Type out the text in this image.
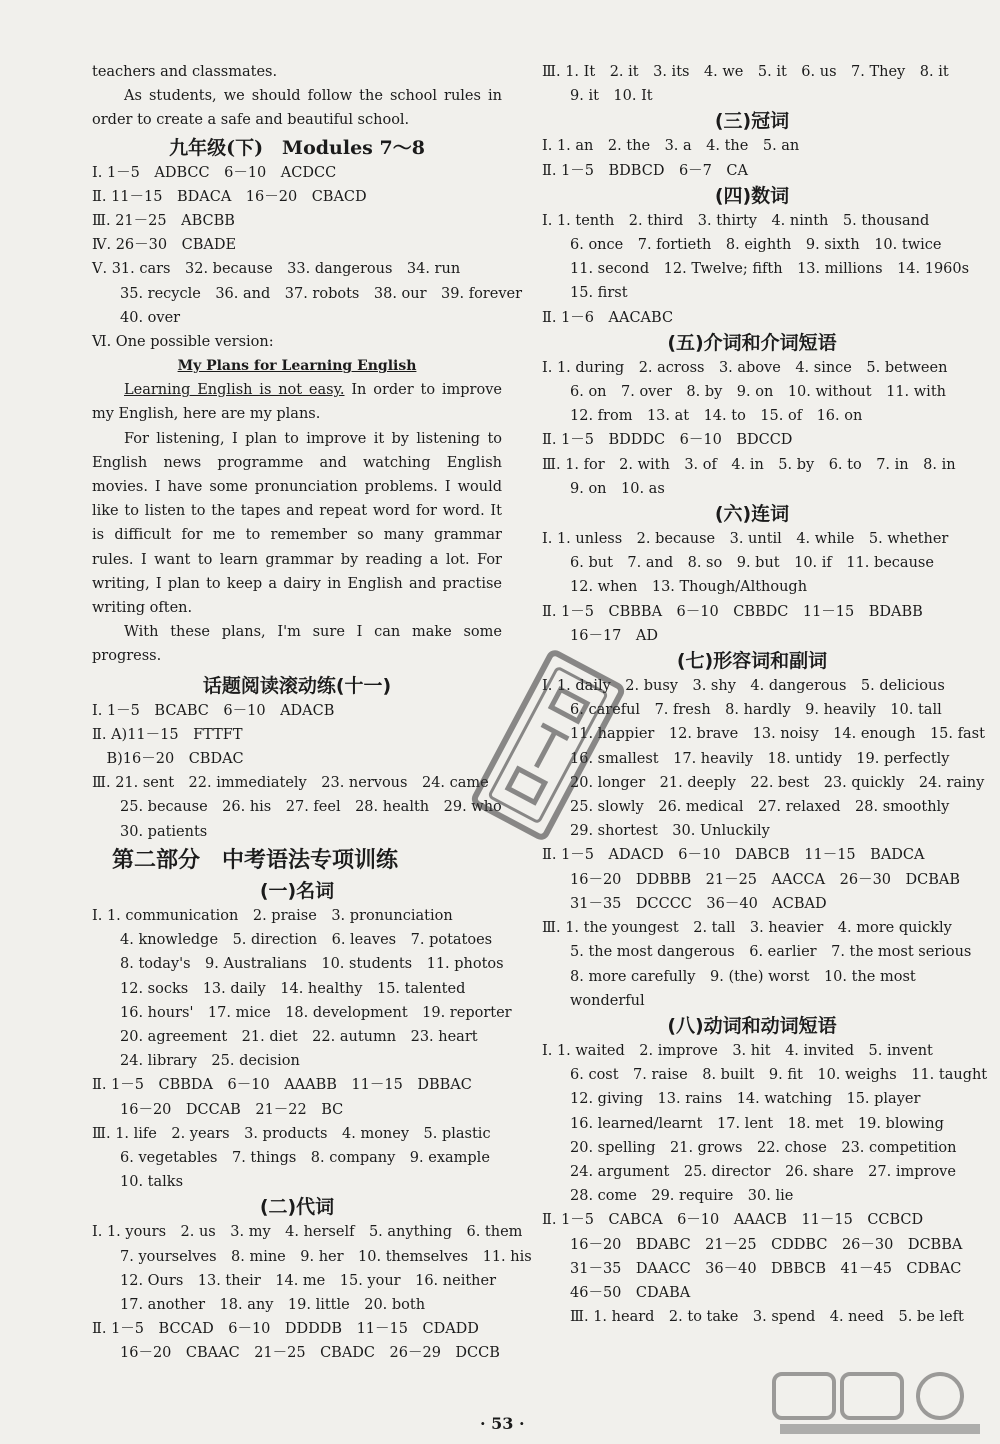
teachers and classmates.
As students, we should follow the school rules in order to create a safe and beautiful school.
九年级(下)　Modules 7～8
Ⅰ. 1－5　ADBCC　6－10　ACDCC
Ⅱ. 11－15　BDACA　16－20　CBACD
Ⅲ. 21－25　ABCBB
Ⅳ. 26－30　CBADE
Ⅴ. 31. cars　32. because　33. dangerous　34. run
35. recycle　36. and　37. robots　38. our　39. forever
40. over
Ⅵ. One possible version:
My Plans for Learning English
Learning English is not easy. In order to improve my English, here are my plans.
For listening, I plan to improve it by listening to English news programme and watching English movies. I have some pronunciation problems. I would like to listen to the tapes and repeat word for word. It is difficult for me to remember so many grammar rules. I want to learn grammar by reading a lot. For writing, I plan to keep a dairy in English and practise writing often.
With these plans, I'm sure I can make some progress.
话题阅读滚动练(十一)
Ⅰ. 1－5　BCABC　6－10　ADACB
Ⅱ. A)11－15　FTTFT
　B)16－20　CBDAC
Ⅲ. 21. sent　22. immediately　23. nervous　24. came
25. because　26. his　27. feel　28. health　29. who
30. patients
第二部分　中考语法专项训练
(一)名词
Ⅰ. 1. communication　2. praise　3. pronunciation
4. knowledge　5. direction　6. leaves　7. potatoes
8. today's　9. Australians　10. students　11. photos
12. socks　13. daily　14. healthy　15. talented
16. hours'　17. mice　18. development　19. reporter
20. agreement　21. diet　22. autumn　23. heart
24. library　25. decision
Ⅱ. 1－5　CBBDA　6－10　AAABB　11－15　DBBAC
16－20　DCCAB　21－22　BC
Ⅲ. 1. life　2. years　3. products　4. money　5. plastic
6. vegetables　7. things　8. company　9. example
10. talks
(二)代词
Ⅰ. 1. yours　2. us　3. my　4. herself　5. anything　6. them
7. yourselves　8. mine　9. her　10. themselves　11. his
12. Ours　13. their　14. me　15. your　16. neither
17. another　18. any　19. little　20. both
Ⅱ. 1－5　BCCAD　6－10　DDDDB　11－15　CDADD
16－20　CBAAC　21－25　CBADC　26－29　DCCB
Ⅲ. 1. It　2. it　3. its　4. we　5. it　6. us　7. They　8. it
9. it　10. It
(三)冠词
Ⅰ. 1. an　2. the　3. a　4. the　5. an
Ⅱ. 1－5　BDBCD　6－7　CA
(四)数词
Ⅰ. 1. tenth　2. third　3. thirty　4. ninth　5. thousand
6. once　7. fortieth　8. eighth　9. sixth　10. twice
11. second　12. Twelve; fifth　13. millions　14. 1960s
15. first
Ⅱ. 1－6　AACABC
(五)介词和介词短语
Ⅰ. 1. during　2. across　3. above　4. since　5. between
6. on　7. over　8. by　9. on　10. without　11. with
12. from　13. at　14. to　15. of　16. on
Ⅱ. 1－5　BDDDC　6－10　BDCCD
Ⅲ. 1. for　2. with　3. of　4. in　5. by　6. to　7. in　8. in
9. on　10. as
(六)连词
Ⅰ. 1. unless　2. because　3. until　4. while　5. whether
6. but　7. and　8. so　9. but　10. if　11. because
12. when　13. Though/Although
Ⅱ. 1－5　CBBBA　6－10　CBBDC　11－15　BDABB
16－17　AD
(七)形容词和副词
Ⅰ. 1. daily　2. busy　3. shy　4. dangerous　5. delicious
6. careful　7. fresh　8. hardly　9. heavily　10. tall
11. happier　12. brave　13. noisy　14. enough　15. fast
16. smallest　17. heavily　18. untidy　19. perfectly
20. longer　21. deeply　22. best　23. quickly　24. rainy
25. slowly　26. medical　27. relaxed　28. smoothly
29. shortest　30. Unluckily
Ⅱ. 1－5　ADACD　6－10　DABCB　11－15　BADCA
16－20　DDBBB　21－25　AACCA　26－30　DCBAB
31－35　DCCCC　36－40　ACBAD
Ⅲ. 1. the youngest　2. tall　3. heavier　4. more quickly
5. the most dangerous　6. earlier　7. the most serious
8. more carefully　9. (the) worst　10. the most
wonderful
(八)动词和动词短语
Ⅰ. 1. waited　2. improve　3. hit　4. invited　5. invent
6. cost　7. raise　8. built　9. fit　10. weighs　11. taught
12. giving　13. rains　14. watching　15. player
16. learned/learnt　17. lent　18. met　19. blowing
20. spelling　21. grows　22. chose　23. competition
24. argument　25. director　26. share　27. improve
28. come　29. require　30. lie
Ⅱ. 1－5　CABCA　6－10　AAACB　11－15　CCBCD
16－20　BDABC　21－25　CDDBC　26－30　DCBBA
31－35　DAACC　36－40　DBBCB　41－45　CDBAC
46－50　CDABA
Ⅲ. 1. heard　2. to take　3. spend　4. need　5. be left
· 53 ·
